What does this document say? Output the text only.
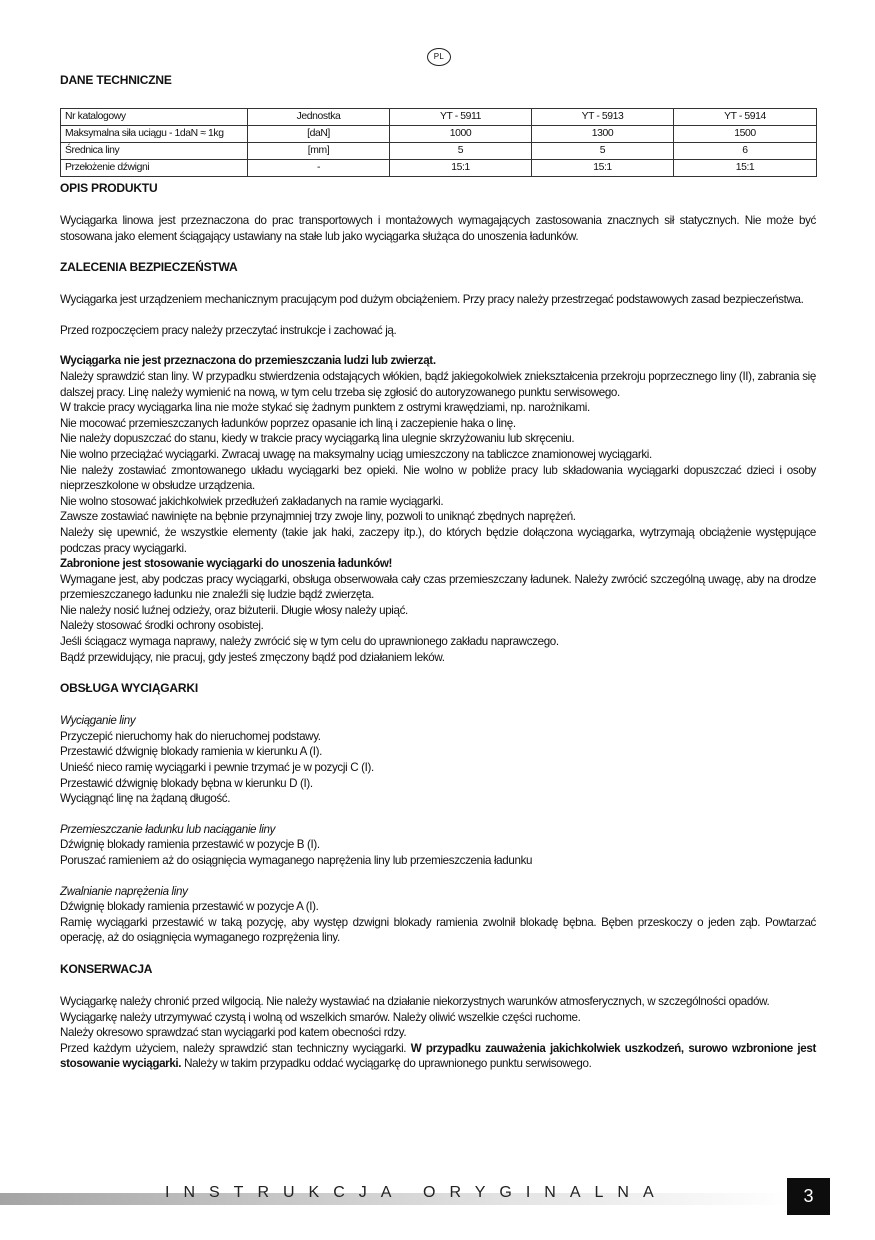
PL
DANE TECHNICZNE
Nr katalogowy	Jednostka	YT - 5911	YT - 5913	YT - 5914
Maksymalna siła uciągu - 1daN ≈ 1kg	[daN]	1000	1300	1500
Średnica liny	[mm]	5	5	6
Przełożenie dźwigni	-	15:1	15:1	15:1
OPIS PRODUKTU

Wyciągarka linowa jest przeznaczona do prac transportowych i montażowych wymagających zastosowania znacznych sił statycznych. Nie może być stosowana jako element ściągający ustawiany na stałe lub jako wyciągarka służąca do unoszenia ładunków.

ZALECENIA BEZPIECZEŃSTWA

Wyciągarka jest urządzeniem mechanicznym pracującym pod dużym obciążeniem. Przy pracy należy przestrzegać podstawowych zasad bezpieczeństwa.

Przed rozpoczęciem pracy należy przeczytać instrukcje i zachować ją.

Wyciągarka nie jest przeznaczona do przemieszczania ludzi lub zwierząt.

Należy sprawdzić stan liny. W przypadku stwierdzenia odstających włókien, bądź jakiegokolwiek zniekształcenia przekroju poprzecznego liny (II), zabrania się dalszej pracy. Linę należy wymienić na nową, w tym celu trzeba się zgłosić do autoryzowanego punktu serwisowego.

W trakcie pracy wyciągarka lina nie może stykać się żadnym punktem z ostrymi krawędziami, np. narożnikami.

Nie mocować przemieszczanych ładunków poprzez opasanie ich liną i zaczepienie haka o linę.

Nie należy dopuszczać do stanu, kiedy w trakcie pracy wyciągarką lina ulegnie skrzyżowaniu lub skręceniu.

Nie wolno przeciążać wyciągarki. Zwracaj uwagę na maksymalny uciąg umieszczony na tabliczce znamionowej wyciągarki.

Nie należy zostawiać zmontowanego układu wyciągarki bez opieki. Nie wolno w pobliże pracy lub składowania wyciągarki dopuszczać dzieci i osoby nieprzeszkolone w obsłudze urządzenia.

Nie wolno stosować jakichkolwiek przedłużeń zakładanych na ramie wyciągarki.

Zawsze zostawiać nawinięte na bębnie przynajmniej trzy zwoje liny, pozwoli to uniknąć zbędnych naprężeń.

Należy się upewnić, że wszystkie elementy (takie jak haki, zaczepy itp.), do których będzie dołączona wyciągarka, wytrzymają obciążenie występujące podczas pracy wyciągarki.

Zabronione jest stosowanie wyciągarki do unoszenia ładunków!

Wymagane jest, aby podczas pracy wyciągarki, obsługa obserwowała cały czas przemieszczany ładunek. Należy zwrócić szczególną uwagę, aby na drodze przemieszczanego ładunku nie znaleźli się ludzie bądź zwierzęta.

Nie należy nosić luźnej odzieży, oraz biżuterii. Długie włosy należy upiąć.

Należy stosować środki ochrony osobistej.

Jeśli ściągacz wymaga naprawy, należy zwrócić się w tym celu do uprawnionego zakładu naprawczego.

Bądź przewidujący, nie pracuj, gdy jesteś zmęczony bądź pod działaniem leków.

OBSŁUGA WYCIĄGARKI

Wyciąganie liny

Przyczepić nieruchomy hak do nieruchomej podstawy.

Przestawić dźwignię blokady ramienia w kierunku A (I).

Unieść nieco ramię wyciągarki i pewnie trzymać je w pozycji C (I).

Przestawić dźwignię blokady bębna w kierunku D (I).

Wyciągnąć linę na żądaną długość.

Przemieszczanie ładunku lub naciąganie liny

Dźwignię blokady ramienia przestawić w pozycje B (I).

Poruszać ramieniem aż do osiągnięcia wymaganego naprężenia liny lub przemieszczenia ładunku

Zwalnianie naprężenia liny

Dźwignię blokady ramienia przestawić w pozycje A (I).

Ramię wyciągarki przestawić w taką pozycję, aby występ dzwigni blokady ramienia zwolnił blokadę bębna. Bęben przeskoczy o jeden ząb. Powtarzać operację, aż do osiągnięcia wymaganego rozprężenia liny.

KONSERWACJA

Wyciągarkę należy chronić przed wilgocią. Nie należy wystawiać na działanie niekorzystnych warunków atmosferycznych, w szczególności opadów.

Wyciągarkę należy utrzymywać czystą i wolną od wszelkich smarów. Należy oliwić wszelkie części ruchome.

Należy okresowo sprawdzać stan wyciągarki pod katem obecności rdzy.

Przed każdym użyciem, należy sprawdzić stan techniczny wyciągarki. W przypadku zauważenia jakichkolwiek uszkodzeń, surowo wzbronione jest stosowanie wyciągarki. Należy w takim przypadku oddać wyciągarkę do uprawnionego punktu serwisowego.

INSTRUKCJA ORYGINALNA	3
